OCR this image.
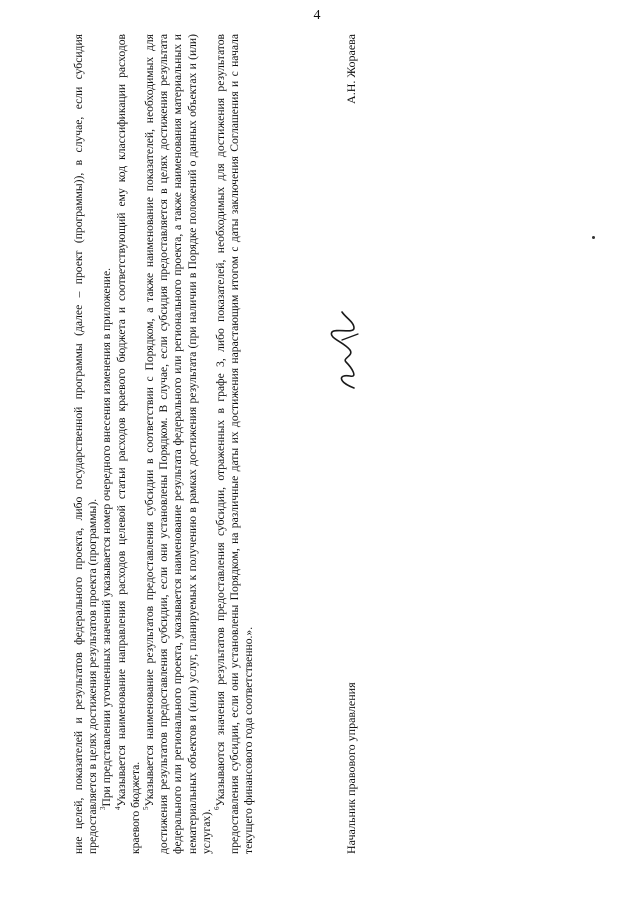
4

ние целей, показателей и результатов федерального проекта, либо государственной программы (далее – проект (программы)), в случае, если субсидия предоставляется в целях достижения результатов проекта (программы). $^3$При представлении уточненных значений указывается номер очередного внесения изменения в приложение.

$^4$Указывается наименование направления расходов целевой статьи расходов краевого бюджета и соответствующий ему код классификации расходов краевого бюджета. $^5$Указывается наименование результатов предоставления субсидии в соответствии с Порядком, а также наименование показателей, необходимых для достижения результатов предоставления субсидии, если они установлены Порядком. В случае, если субсидия предоставляется в целях достижения результата федерального или регионального проекта, указывается наименование результата федерального или регионального проекта, а также наименования материальных и нематериальных объектов и (или) услуг, планируемых к получению в рамках достижения результата (при наличии в Порядке положений о данных объектах и (или) услугах).

$^6$Указываются значения результатов предоставления субсидии, отраженных в графе 3, либо показателей, необходимых для достижения результатов предоставления субсидии, если они установлены Порядком, на различные даты их достижения нарастающим итогом с даты заключения Соглашения и с начала текущего финансового года соответственно.».	Начальник правового управления
А.Н. Жораева
